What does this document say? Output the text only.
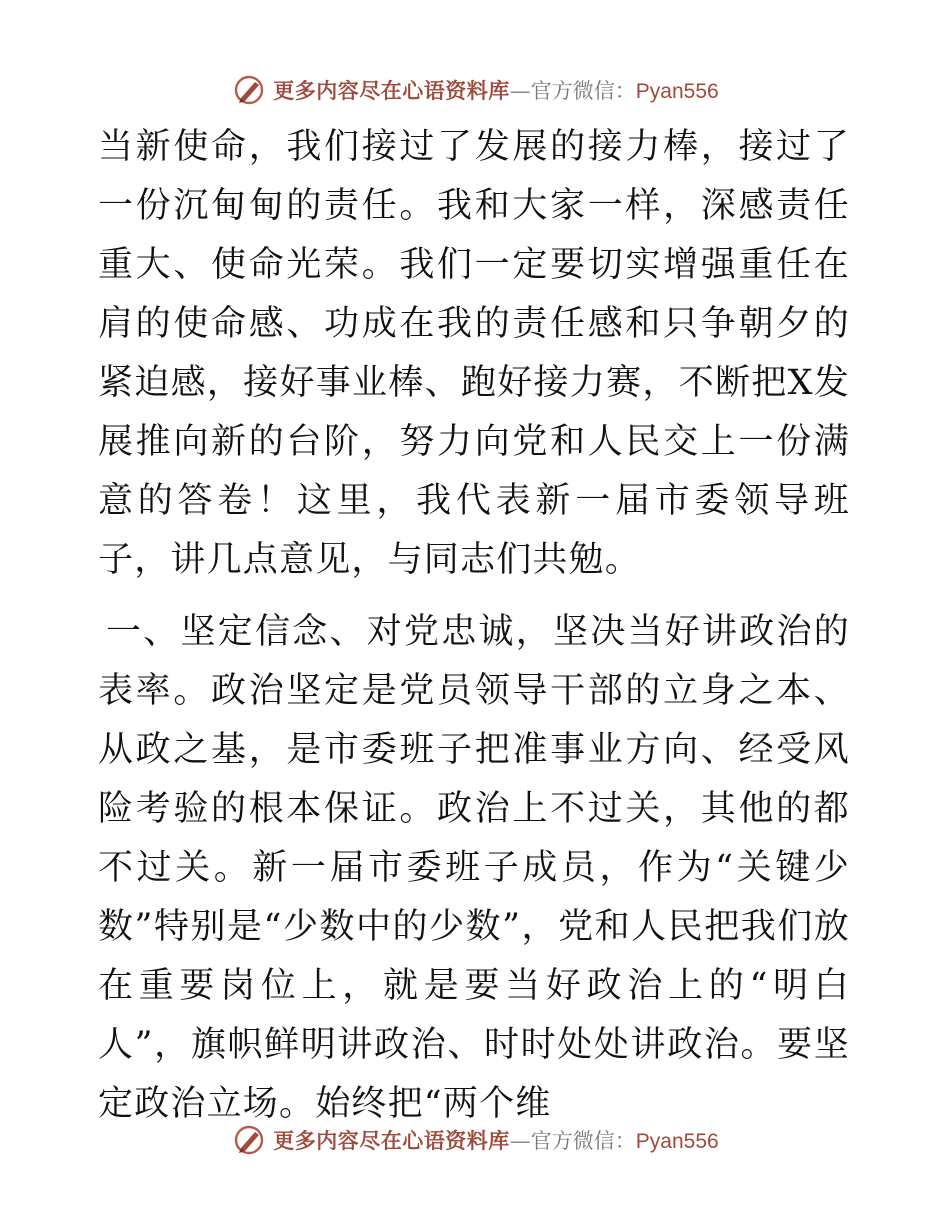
更多内容尽在心语资料库 — 官方微信： Pyan556

当新使命，我们接过了发展的接力棒，接过了一份沉甸甸的责任。我和大家一样，深感责任重大、使命光荣。我们一定要切实增强重任在肩的使命感、功成在我的责任感和只争朝夕的紧迫感，接好事业棒、跑好接力赛，不断把X发展推向新的台阶，努力向党和人民交上一份满意的答卷！这里，我代表新一届市委领导班子，讲几点意见，与同志们共勉。

一、坚定信念、对党忠诚，坚决当好讲政治的表率。政治坚定是党员领导干部的立身之本、从政之基，是市委班子把准事业方向、经受风险考验的根本保证。政治上不过关，其他的都不过关。新一届市委班子成员，作为“关键少数”特别是“少数中的少数”，党和人民把我们放在重要岗位上，就是要当好政治上的“明白人”，旗帜鲜明讲政治、时时处处讲政治。要坚定政治立场。始终把“两个维

更多内容尽在心语资料库 — 官方微信： Pyan556
